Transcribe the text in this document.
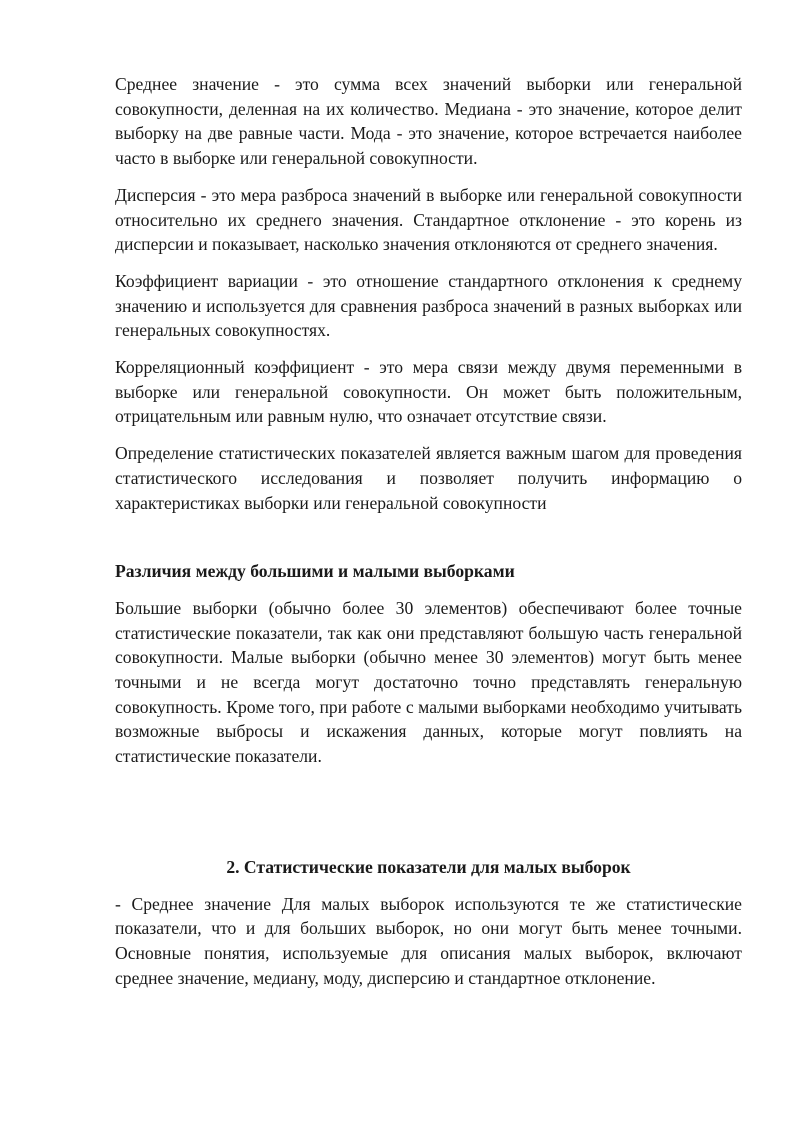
Среднее значение - это сумма всех значений выборки или генеральной совокупности, деленная на их количество. Медиана - это значение, которое делит выборку на две равные части. Мода - это значение, которое встречается наиболее часто в выборке или генеральной совокупности.

Дисперсия - это мера разброса значений в выборке или генеральной совокупности относительно их среднего значения. Стандартное отклонение - это корень из дисперсии и показывает, насколько значения отклоняются от среднего значения.

Коэффициент вариации - это отношение стандартного отклонения к среднему значению и используется для сравнения разброса значений в разных выборках или генеральных совокупностях.

Корреляционный коэффициент - это мера связи между двумя переменными в выборке или генеральной совокупности. Он может быть положительным, отрицательным или равным нулю, что означает отсутствие связи.

Определение статистических показателей является важным шагом для проведения статистического исследования и позволяет получить информацию о характеристиках выборки или генеральной совокупности

Различия между большими и малыми выборками

Большие выборки (обычно более 30 элементов) обеспечивают более точные статистические показатели, так как они представляют большую часть генеральной совокупности. Малые выборки (обычно менее 30 элементов) могут быть менее точными и не всегда могут достаточно точно представлять генеральную совокупность. Кроме того, при работе с малыми выборками необходимо учитывать возможные выбросы и искажения данных, которые могут повлиять на статистические показатели.

2. Статистические показатели для малых выборок

- Среднее значение Для малых выборок используются те же статистические показатели, что и для больших выборок, но они могут быть менее точными. Основные понятия, используемые для описания малых выборок, включают среднее значение, медиану, моду, дисперсию и стандартное отклонение.
